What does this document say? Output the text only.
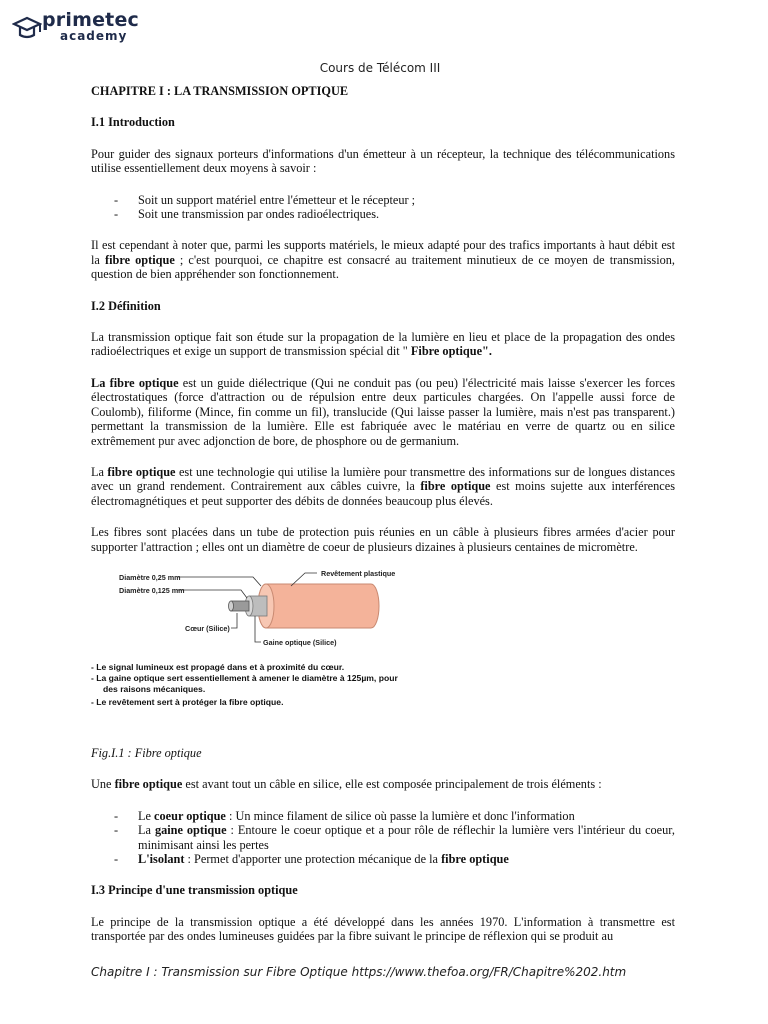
primetec
academy
Cours de Télécom III

CHAPITRE I : LA TRANSMISSION OPTIQUE

I.1 Introduction

Pour guider des signaux porteurs d'informations d'un émetteur à un récepteur, la technique des télécommunications utilise essentiellement deux moyens à savoir :

- Soit un support matériel entre l'émetteur et le récepteur ;
- Soit une transmission par ondes radioélectriques.

Il est cependant à noter que, parmi les supports matériels, le mieux adapté pour des trafics importants à haut débit est la fibre optique ; c'est pourquoi, ce chapitre est consacré au traitement minutieux de ce moyen de transmission, question de bien appréhender son fonctionnement.

I.2 Définition

La transmission optique fait son étude sur la propagation de la lumière en lieu et place de la propagation des ondes radioélectriques et exige un support de transmission spécial dit " Fibre optique".

La fibre optique est un guide diélectrique (Qui ne conduit pas (ou peu) l'électricité mais laisse s'exercer les forces électrostatiques (force d'attraction ou de répulsion entre deux particules chargées. On l'appelle aussi force de Coulomb), filiforme (Mince, fin comme un fil), translucide (Qui laisse passer la lumière, mais n'est pas transparent.) permettant la transmission de la lumière. Elle est fabriquée avec le matériau en verre de quartz ou en silice extrêmement pur avec adjonction de bore, de phosphore ou de germanium.

La fibre optique est une technologie qui utilise la lumière pour transmettre des informations sur de longues distances avec un grand rendement. Contrairement aux câbles cuivre, la fibre optique est moins sujette aux interférences électromagnétiques et peut supporter des débits de données beaucoup plus élevés.

Les fibres sont placées dans un tube de protection puis réunies en un câble à plusieurs fibres armées d'acier pour supporter l'attraction ; elles ont un diamètre de coeur de plusieurs dizaines à plusieurs centaines de micromètre.

Diamètre 0,25 mm
Diamètre 0,125 mm
Revêtement plastique
Cœur (Silice)
Gaine optique (Silice)
- Le signal lumineux est propagé dans et à proximité du cœur.
- La gaine optique sert essentiellement à amener le diamètre à 125µm, pour
des raisons mécaniques.
- Le revêtement sert à protéger la fibre optique.

Fig.I.1 : Fibre optique

Une fibre optique est avant tout un câble en silice, elle est composée principalement de trois éléments :

- Le coeur optique : Un mince filament de silice où passe la lumière et donc l'information
- La gaine optique : Entoure le coeur optique et a pour rôle de réflechir la lumière vers l'intérieur du coeur, minimisant ainsi les pertes
- L'isolant : Permet d'apporter une protection mécanique de la fibre optique

I.3 Principe d'une transmission optique

Le principe de la transmission optique a été développé dans les années 1970. L'information à transmettre est transportée par des ondes lumineuses guidées par la fibre suivant le principe de réflexion qui se produit au

Chapitre I : Transmission sur Fibre Optique https://www.thefoa.org/FR/Chapitre%202.htm
